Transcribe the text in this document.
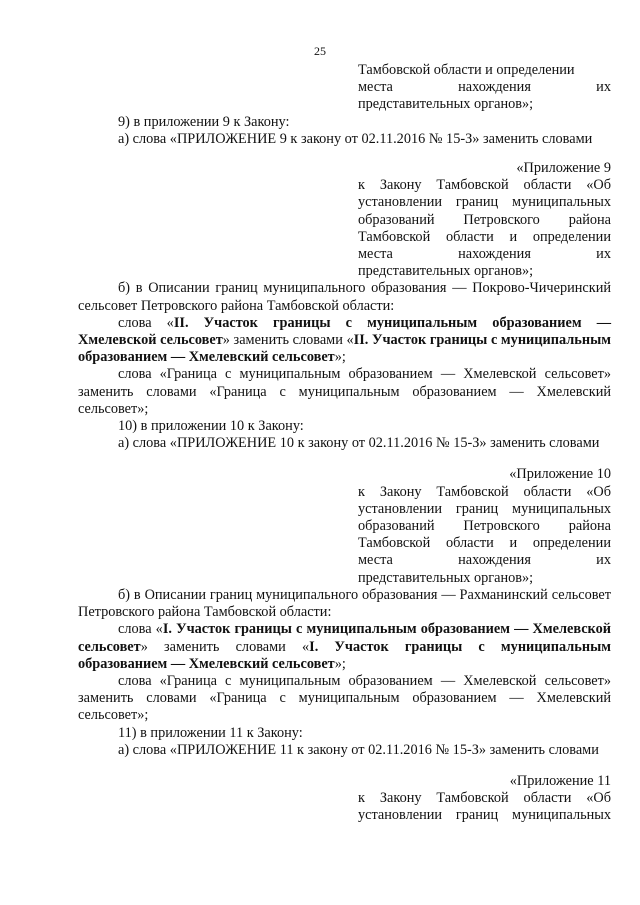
25
Тамбовской области и определении
места нахождения их
представительных органов»;

9) в приложении 9 к Закону:

а) слова «ПРИЛОЖЕНИЕ 9 к закону от 02.11.2016 № 15-З» заменить словами

«Приложение 9
к Закону Тамбовской области «Об
установлении границ муниципальных
образований Петровского района
Тамбовской области и определении
места нахождения их
представительных органов»;

б) в Описании границ муниципального образования — Покрово-Чичеринский сельсовет Петровского района Тамбовской области:

слова «II. Участок границы с муниципальным образованием — Хмелевской сельсовет» заменить словами «II. Участок границы с муниципальным образованием — Хмелевский сельсовет»;

слова «Граница с муниципальным образованием — Хмелевской сельсовет» заменить словами «Граница с муниципальным образованием — Хмелевский сельсовет»;

10) в приложении 10 к Закону:

а) слова «ПРИЛОЖЕНИЕ 10 к закону от 02.11.2016 № 15-З» заменить словами

«Приложение 10
к Закону Тамбовской области «Об
установлении границ муниципальных
образований Петровского района
Тамбовской области и определении
места нахождения их
представительных органов»;

б) в Описании границ муниципального образования — Рахманинский сельсовет Петровского района Тамбовской области:

слова «I. Участок границы с муниципальным образованием — Хмелевской сельсовет» заменить словами «I. Участок границы с муниципальным образованием — Хмелевский сельсовет»;

слова «Граница с муниципальным образованием — Хмелевской сельсовет» заменить словами «Граница с муниципальным образованием — Хмелевский сельсовет»;

11) в приложении 11 к Закону:

а) слова «ПРИЛОЖЕНИЕ 11 к закону от 02.11.2016 № 15-З» заменить словами

«Приложение 11
к Закону Тамбовской области «Об
установлении границ муниципальных
